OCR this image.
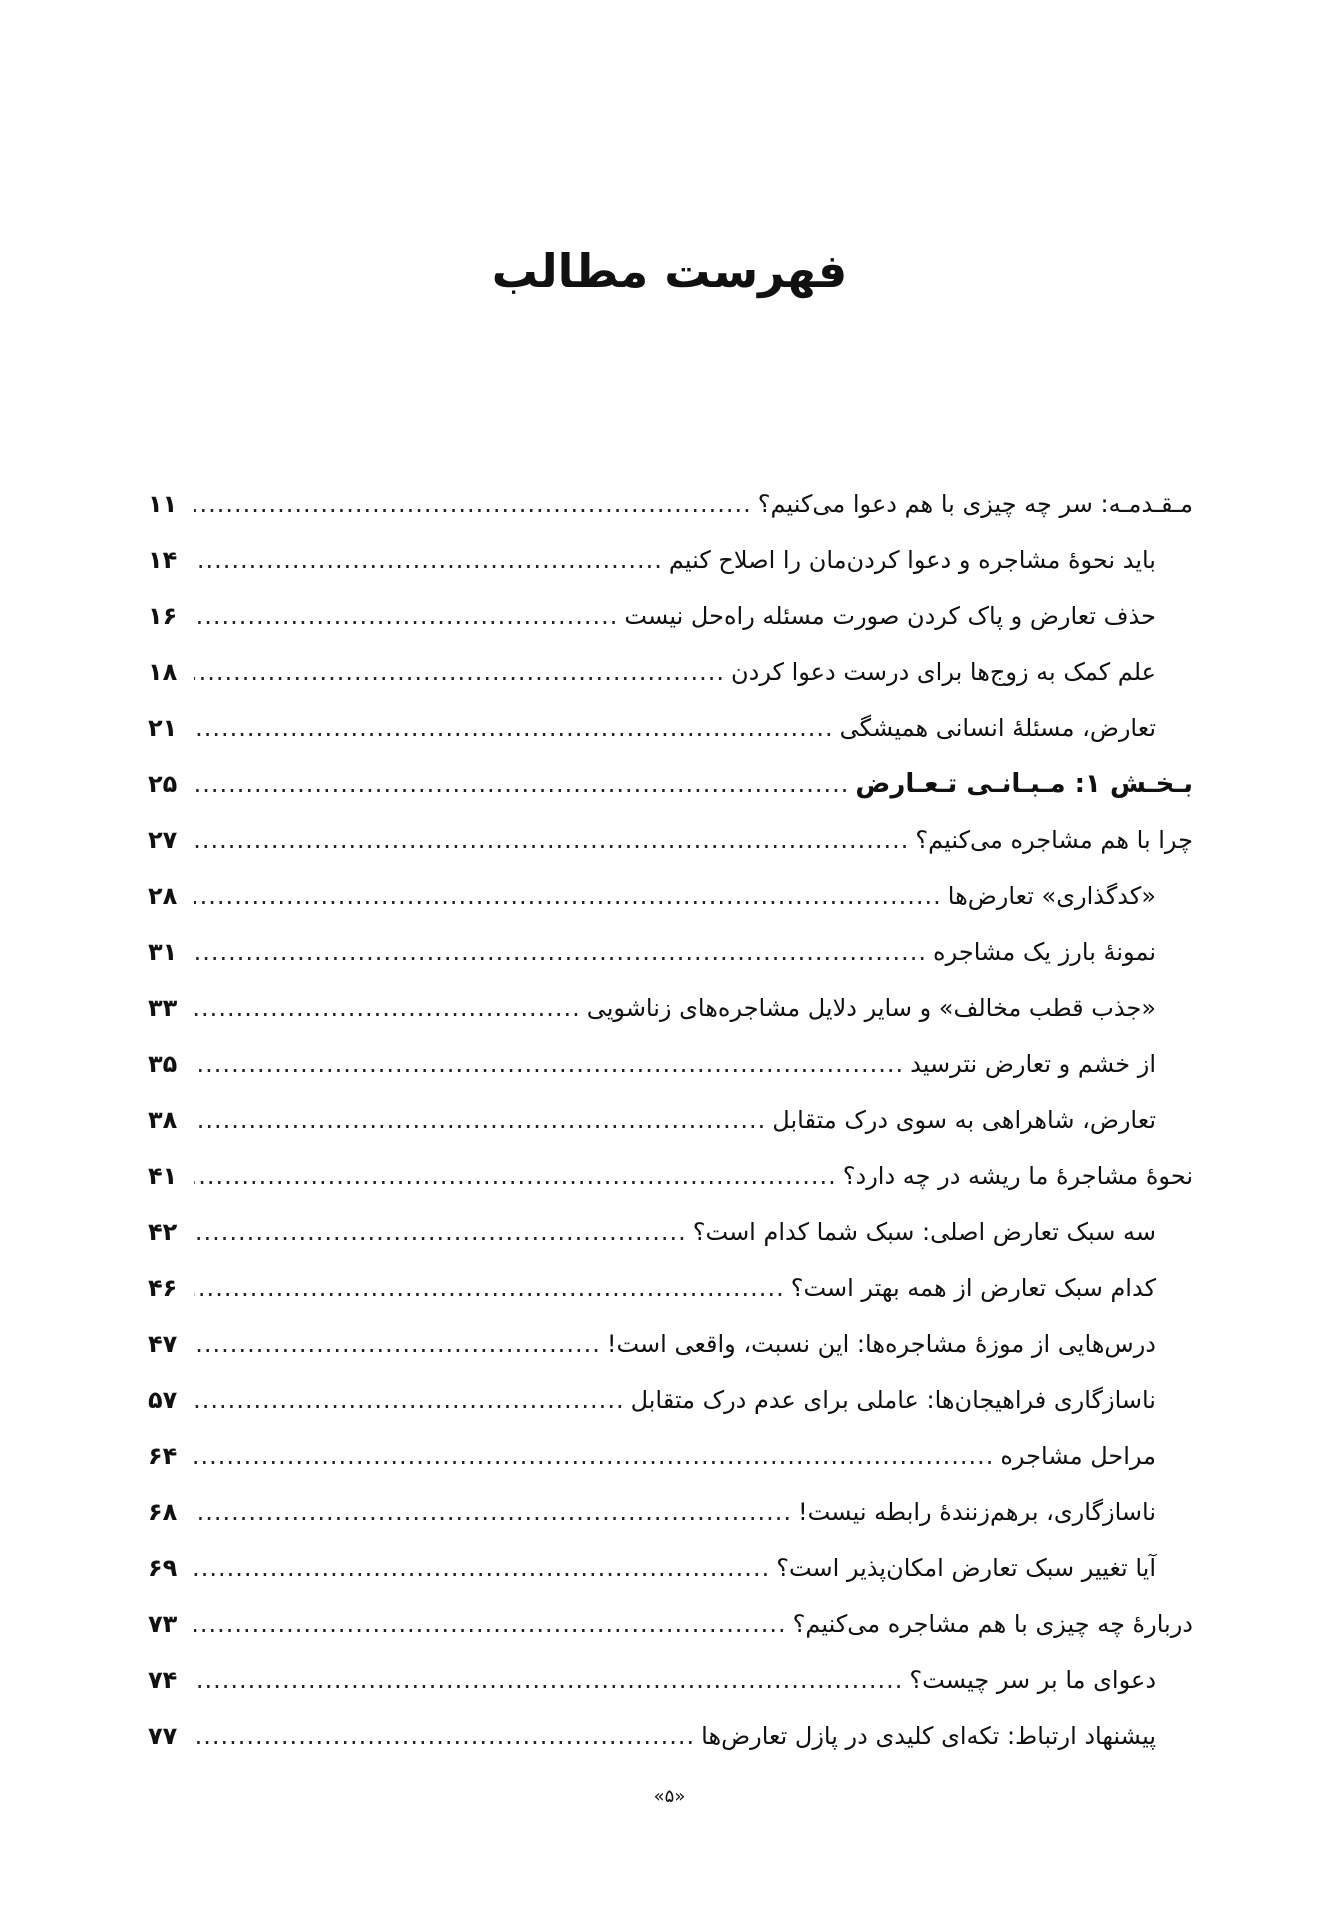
فهرست مطالب
مـقـدمـه: سر چه چیزی با هم دعوا می‌کنیم؟
.....
۱۱
باید نحوهٔ مشاجره و دعوا کردن‌مان را اصلاح کنیم
.....
۱۴
حذف تعارض و پاک کردن صورت مسئله راه‌حل نیست
.....
۱۶
علم کمک به زوج‌ها برای درست دعوا کردن
.....
۱۸
تعارض، مسئلهٔ انسانی همیشگی
.....
۲۱
بـخـش ۱: مـبـانـی تـعـارض
.....
۲۵
چرا با هم مشاجره می‌کنیم؟
.....
۲۷
«کدگذاری» تعارض‌ها
.....
۲۸
نمونهٔ بارز یک مشاجره
.....
۳۱
«جذب قطب مخالف» و سایر دلایل مشاجره‌های زناشویی
.....
۳۳
از خشم و تعارض نترسید
.....
۳۵
تعارض، شاهراهی به سوی درک متقابل
.....
۳۸
نحوهٔ مشاجرهٔ ما ریشه در چه دارد؟
.....
۴۱
سه سبک تعارض اصلی: سبک شما کدام است؟
.....
۴۲
کدام سبک تعارض از همه بهتر است؟
.....
۴۶
درس‌هایی از موزهٔ مشاجره‌ها: این نسبت، واقعی است!
.....
۴۷
ناسازگاری فراهیجان‌ها: عاملی برای عدم درک متقابل
.....
۵۷
مراحل مشاجره
.....
۶۴
ناسازگاری، برهم‌زنندهٔ رابطه نیست!
.....
۶۸
آیا تغییر سبک تعارض امکان‌پذیر است؟
.....
۶۹
دربارهٔ چه چیزی با هم مشاجره می‌کنیم؟
.....
۷۳
دعوای ما بر سر چیست؟
.....
۷۴
پیشنهاد ارتباط: تکه‌ای کلیدی در پازل تعارض‌ها
.....
۷۷
«۵»
